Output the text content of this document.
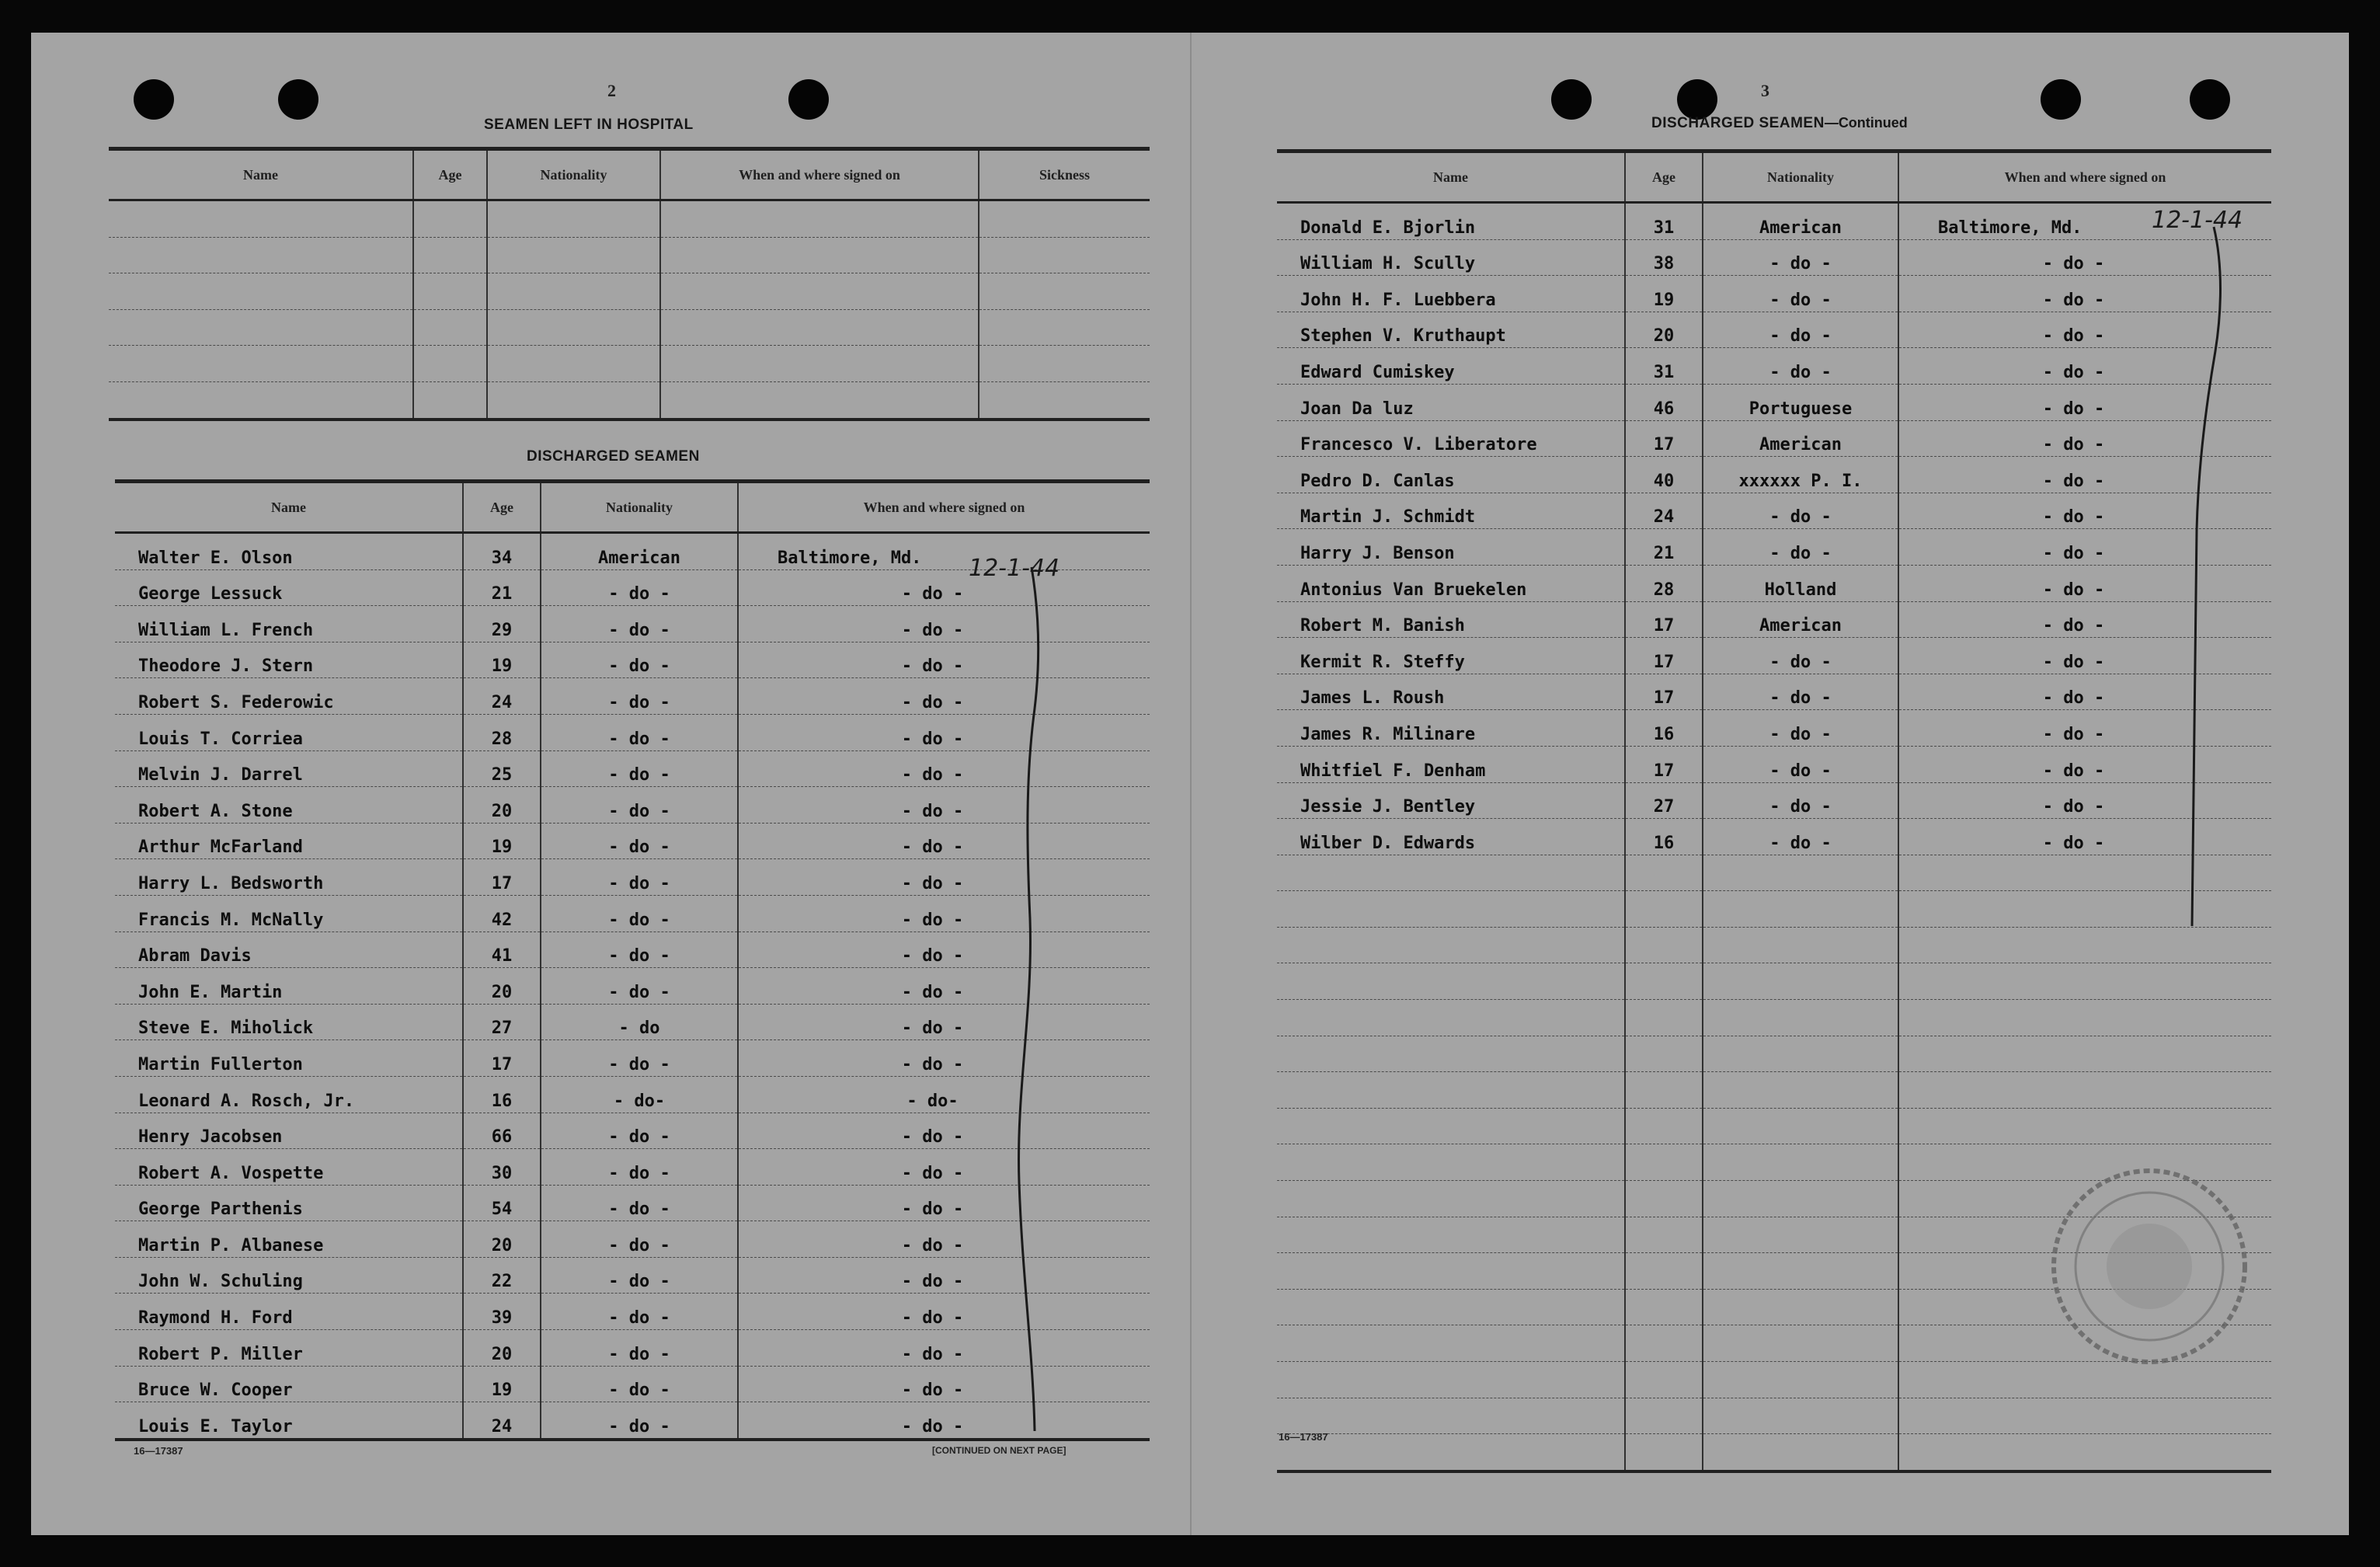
2
SEAMEN LEFT IN HOSPITAL
Name	Age	Nationality	When and where signed on	Sickness

DISCHARGED SEAMEN
Name	Age	Nationality	When and where signed on
Walter E. Olson	34	American	Baltimore, Md.
George Lessuck	21	- do -	- do -
William L. French	29	- do -	- do -
Theodore J. Stern	19	- do -	- do -
Robert S. Federowic	24	- do -	- do -
Louis T. Corriea	28	- do -	- do -
Melvin J. Darrel	25	- do -	- do -
Robert A. Stone	20	- do -	- do -
Arthur McFarland	19	- do -	- do -
Harry L. Bedsworth	17	- do -	- do -
Francis M. McNally	42	- do -	- do -
Abram Davis	41	- do -	- do -
John E. Martin	20	- do -	- do -
Steve E. Miholick	27	- do	- do -
Martin Fullerton	17	- do -	- do -
Leonard A. Rosch, Jr.	16	- do-	- do-
Henry Jacobsen	66	- do -	- do -
Robert A. Vospette	30	- do -	- do -
George Parthenis	54	- do -	- do -
Martin P. Albanese	20	- do -	- do -
John W. Schuling	22	- do -	- do -
Raymond H. Ford	39	- do -	- do -
Robert P. Miller	20	- do -	- do -
Bruce W. Cooper	19	- do -	- do -
Louis E. Taylor	24	- do -	- do -
12-1-44
16—17387	[CONTINUED ON NEXT PAGE]
3
DISCHARGED SEAMEN—Continued
Name	Age	Nationality	When and where signed on
Donald E. Bjorlin	31	American	Baltimore, Md.
William H. Scully	38	- do -	- do -
John H. F. Luebbera	19	- do -	- do -
Stephen V. Kruthaupt	20	- do -	- do -
Edward Cumiskey	31	- do -	- do -
Joan Da luz	46	Portuguese	- do -
Francesco V. Liberatore	17	American	- do -
Pedro D. Canlas	40	xxxxxx P. I.	- do -
Martin J. Schmidt	24	- do -	- do -
Harry J. Benson	21	- do -	- do -
Antonius Van Bruekelen	28	Holland	- do -
Robert M. Banish	17	American	- do -
Kermit R. Steffy	17	- do -	- do -
James L. Roush	17	- do -	- do -
James R. Milinare	16	- do -	- do -
Whitfiel F. Denham	17	- do -	- do -
Jessie J. Bentley	27	- do -	- do -
Wilber D. Edwards	16	- do -	- do -

12-1-44
16—17387
